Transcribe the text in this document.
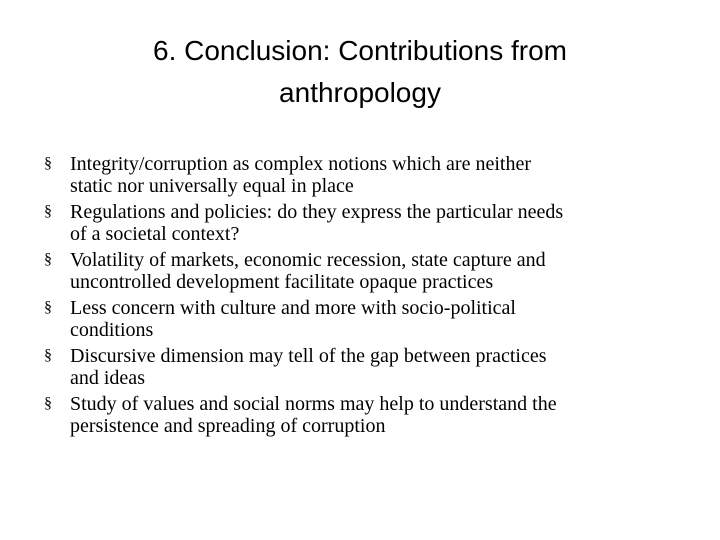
6. Conclusion: Contributions from
anthropology
§ Integrity/corruption as complex notions which are neither
static nor universally equal in place
§ Regulations and policies: do they express the particular needs
of a societal context?
§ Volatility of markets, economic recession, state capture and
uncontrolled development facilitate opaque practices
§ Less concern with culture and more with socio-political
conditions
§ Discursive dimension may tell of the gap between practices
and ideas
§ Study of values and social norms may help to understand the
persistence and spreading of corruption
